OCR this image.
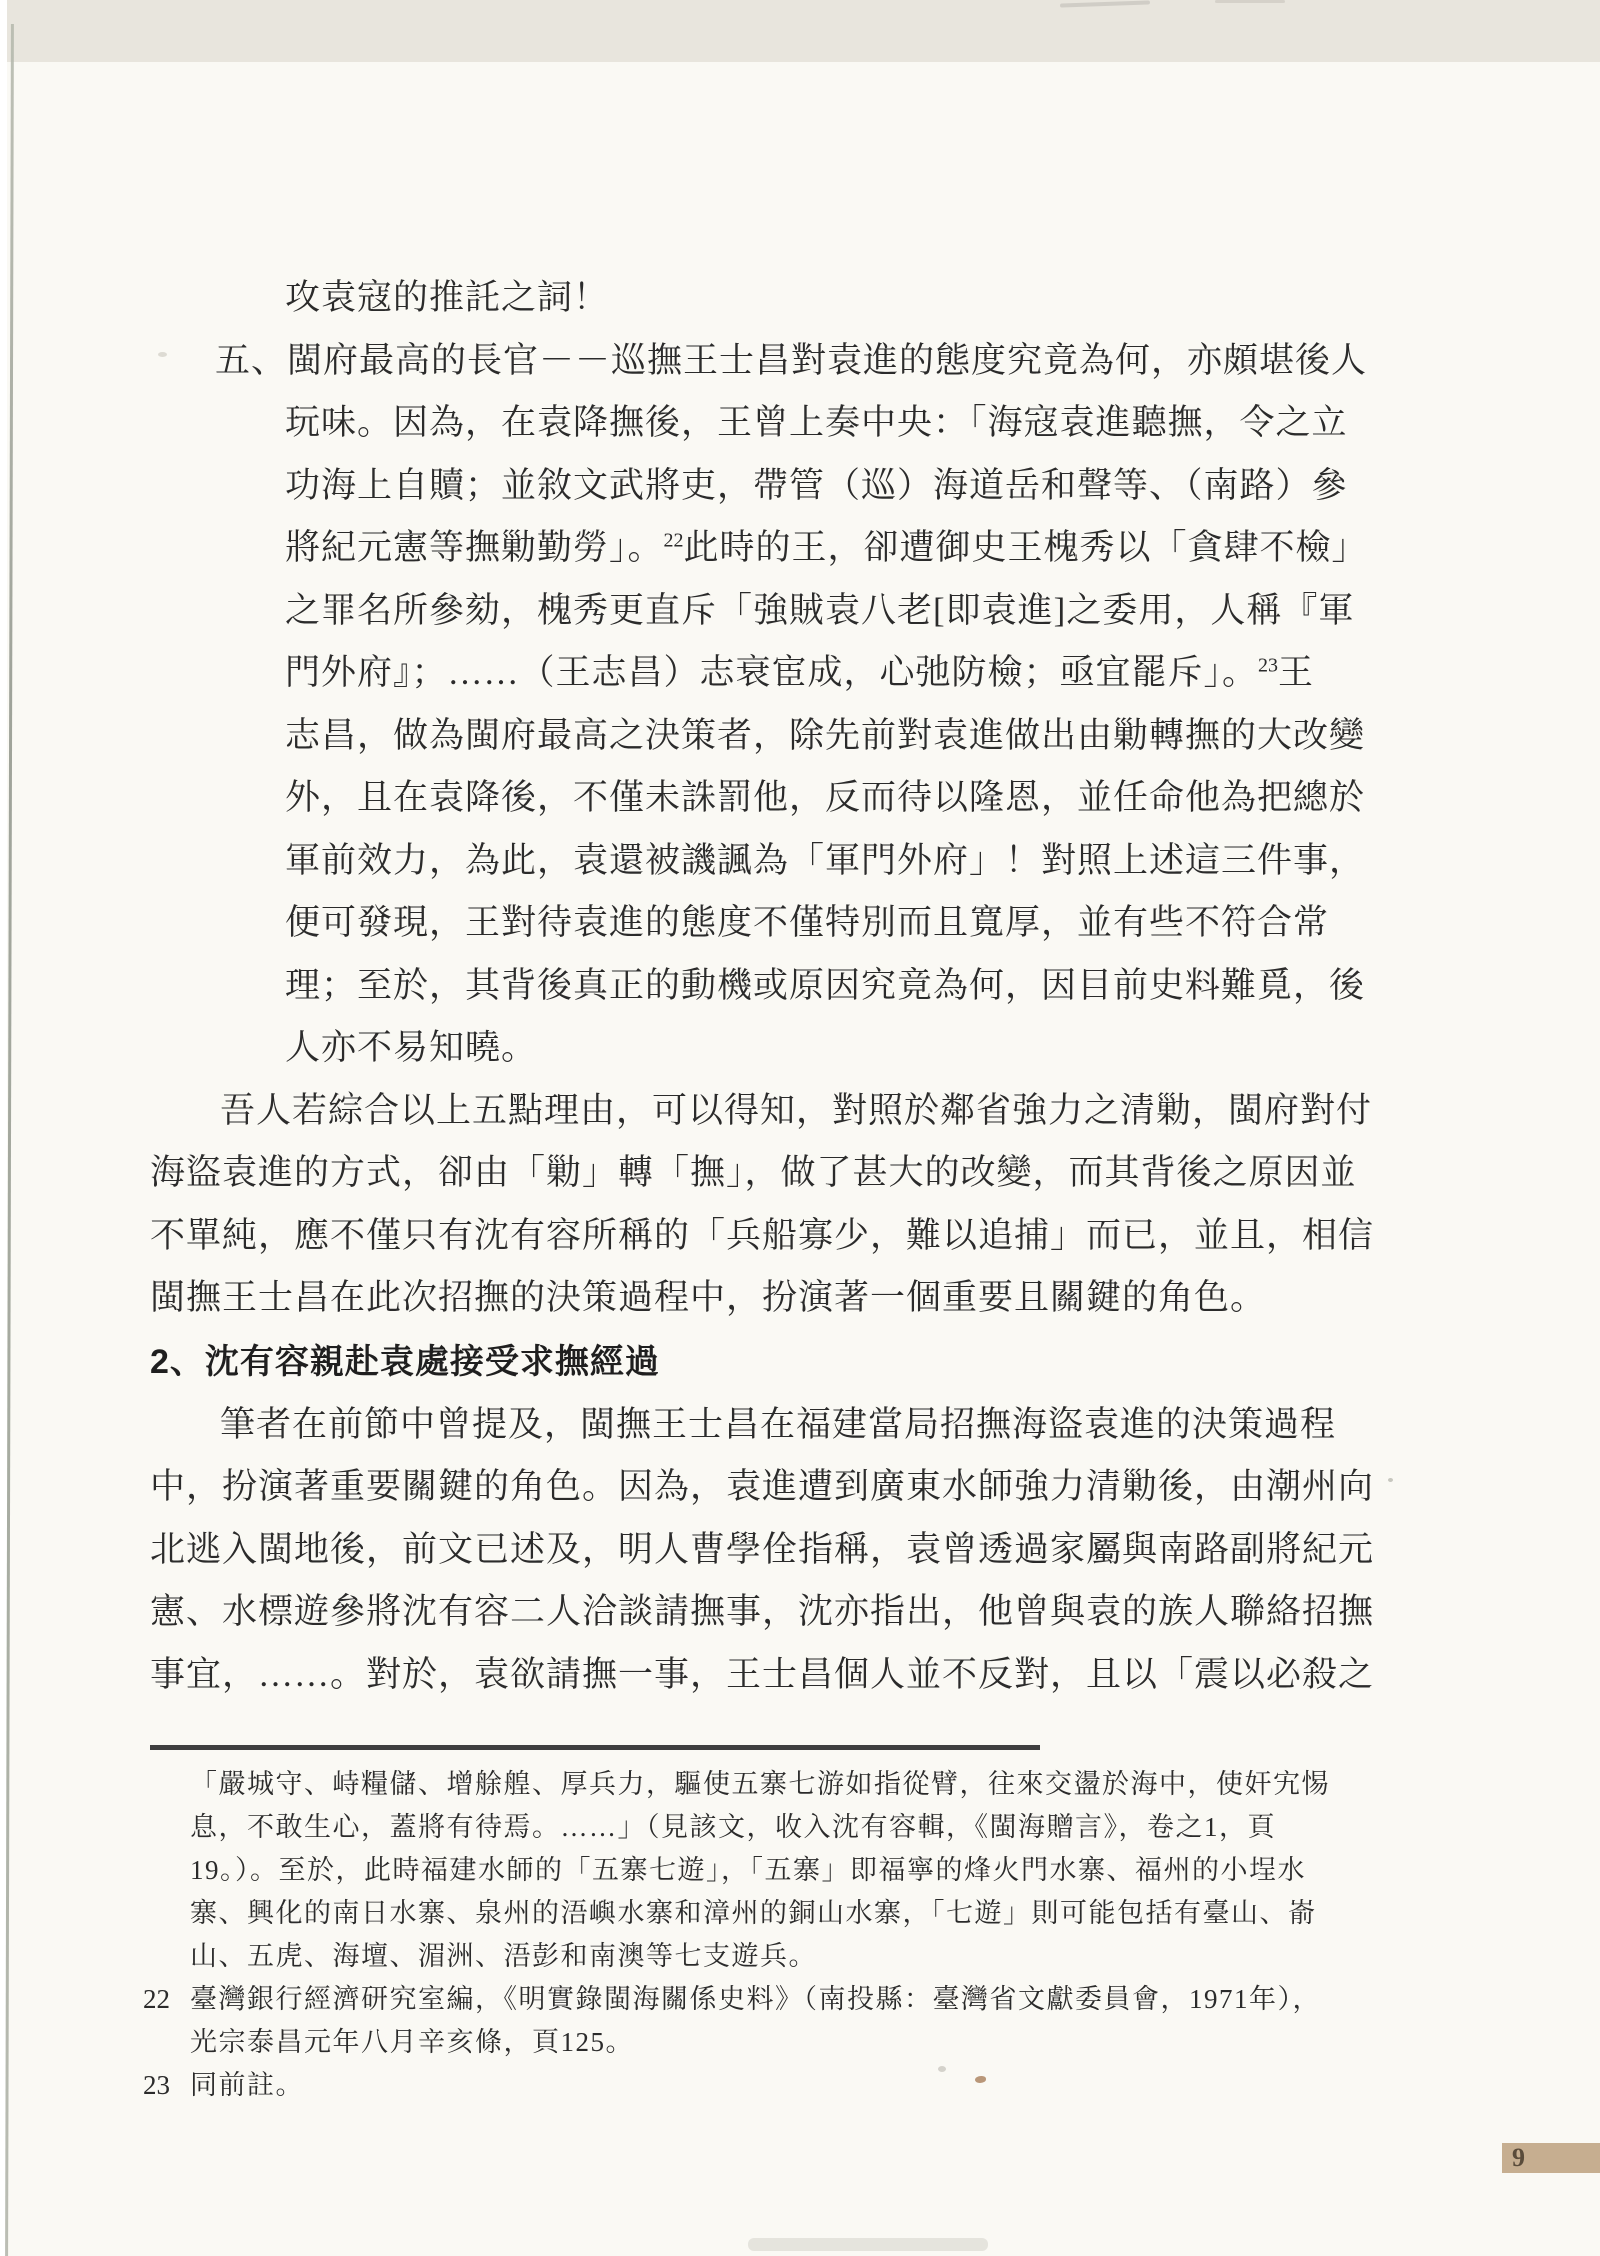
攻袁寇的推託之詞！
五、閩府最高的長官－－巡撫王士昌對袁進的態度究竟為何，亦頗堪後人
玩味。因為，在袁降撫後，王曾上奏中央：「海寇袁進聽撫，令之立
功海上自贖；並敘文武將吏，帶管（巡）海道岳和聲等、（南路）參
將紀元憲等撫勦勤勞」。$^{22}$此時的王，卻遭御史王槐秀以「貪肆不檢」
之罪名所參劾，槐秀更直斥「強賊袁八老[即袁進]之委用，人稱『軍
門外府』；……（王志昌）志衰宦成，心弛防檢；亟宜罷斥」。$^{23}$王
志昌，做為閩府最高之決策者，除先前對袁進做出由勦轉撫的大改變
外，且在袁降後，不僅未誅罰他，反而待以隆恩，並任命他為把總於
軍前效力，為此，袁還被譏諷為「軍門外府」！對照上述這三件事，
便可發現，王對待袁進的態度不僅特別而且寬厚，並有些不符合常
理；至於，其背後真正的動機或原因究竟為何，因目前史料難覓，後
人亦不易知曉。
吾人若綜合以上五點理由，可以得知，對照於鄰省強力之清勦，閩府對付
海盜袁進的方式，卻由「勦」轉「撫」，做了甚大的改變，而其背後之原因並
不單純，應不僅只有沈有容所稱的「兵船寡少，難以追捕」而已，並且，相信
閩撫王士昌在此次招撫的決策過程中，扮演著一個重要且關鍵的角色。
2、沈有容親赴袁處接受求撫經過
筆者在前節中曾提及，閩撫王士昌在福建當局招撫海盜袁進的決策過程
中，扮演著重要關鍵的角色。因為，袁進遭到廣東水師強力清勦後，由潮州向
北逃入閩地後，前文已述及，明人曹學佺指稱，袁曾透過家屬與南路副將紀元
憲、水標遊參將沈有容二人洽談請撫事，沈亦指出，他曾與袁的族人聯絡招撫
事宜，……。對於，袁欲請撫一事，王士昌個人並不反對，且以「震以必殺之
「嚴城守、峙糧儲、增艅艎、厚兵力，驅使五寨七游如指從臂，往來交盪於海中，使奸宄惕
息，不敢生心，蓋將有待焉。……」（見該文，收入沈有容輯，《閩海贈言》，卷之1，頁
19。）。至於，此時福建水師的「五寨七遊」，「五寨」即福寧的烽火門水寨、福州的小埕水
寨、興化的南日水寨、泉州的浯嶼水寨和漳州的銅山水寨，「七遊」則可能包括有臺山、嵛
山、五虎、海壇、湄洲、浯彭和南澳等七支遊兵。
22 臺灣銀行經濟研究室編，《明實錄閩海關係史料》（南投縣：臺灣省文獻委員會，1971年），
光宗泰昌元年八月辛亥條，頁125。
23 同前註。
9
